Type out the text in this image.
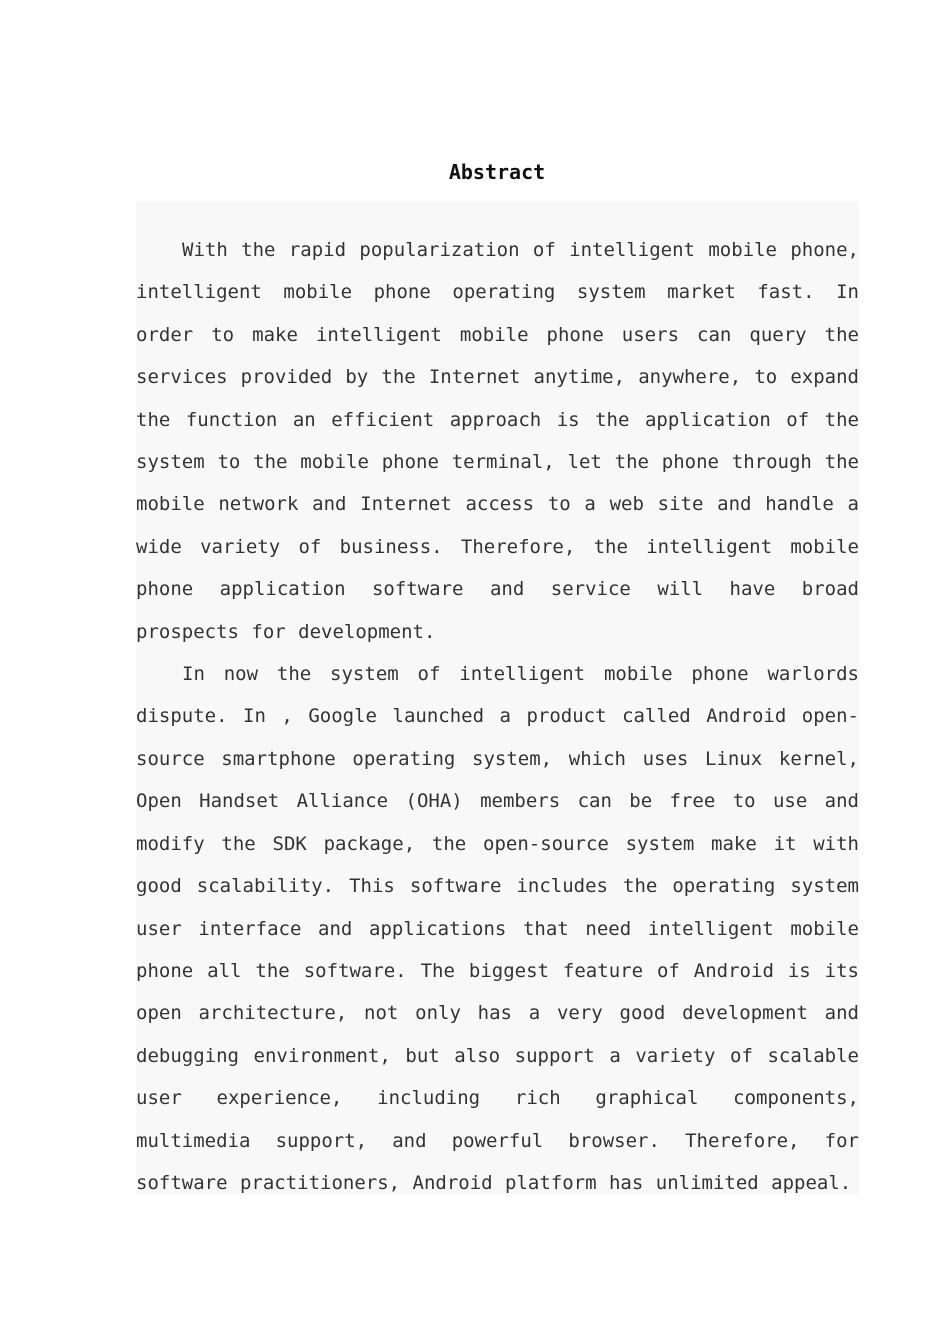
Abstract

With the rapid popularization of intelligent mobile phone, intelligent mobile phone operating system market fast. In order to make intelligent mobile phone users can query the services provided by the Internet anytime, anywhere, to expand the function an efficient approach is the application of the system to the mobile phone terminal, let the phone through the mobile network and Internet access to a web site and handle a wide variety of business. Therefore, the intelligent mobile phone application software and service will have broad prospects for development.

In now the system of intelligent mobile phone warlords dispute. In , Google launched a product called Android open-source smartphone operating system, which uses Linux kernel, Open Handset Alliance (OHA) members can be free to use and modify the SDK package, the open-source system make it with good scalability. This software includes the operating system user interface and applications that need intelligent mobile phone all the software. The biggest feature of Android is its open architecture, not only has a very good development and debugging environment, but also support a variety of scalable user experience, including rich graphical components, multimedia support, and powerful browser. Therefore, for software practitioners, Android platform has unlimited appeal.
